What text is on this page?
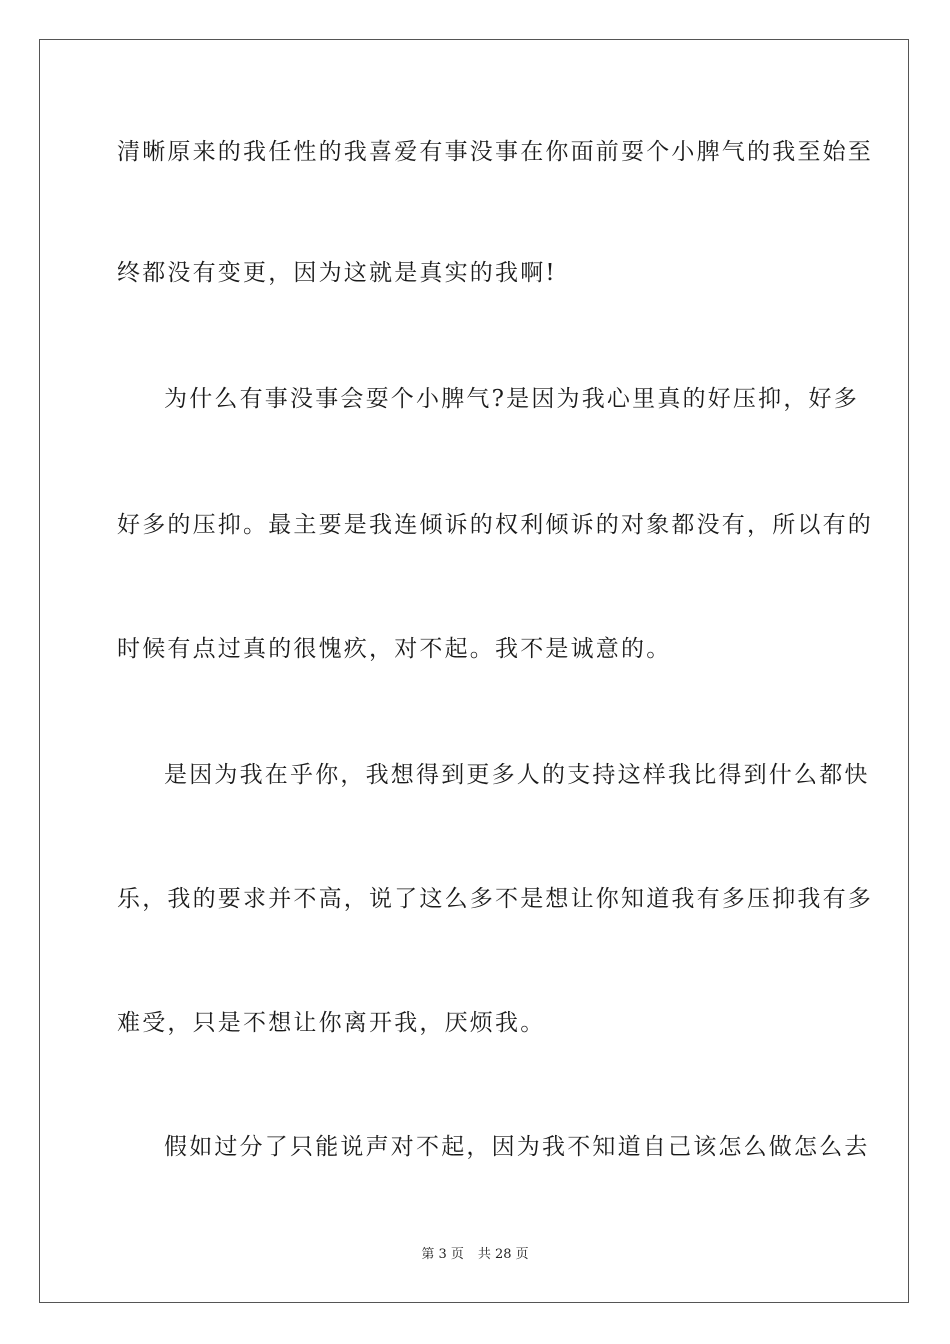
清晰原来的我任性的我喜爱有事没事在你面前耍个小脾气的我至始至
终都没有变更，因为这就是真实的我啊!
为什么有事没事会耍个小脾气?是因为我心里真的好压抑，好多
好多的压抑。最主要是我连倾诉的权利倾诉的对象都没有，所以有的
时候有点过真的很愧疚，对不起。我不是诚意的。
是因为我在乎你，我想得到更多人的支持这样我比得到什么都快
乐，我的要求并不高，说了这么多不是想让你知道我有多压抑我有多
难受，只是不想让你离开我，厌烦我。
假如过分了只能说声对不起，因为我不知道自己该怎么做怎么去
第 3 页 共 28 页
